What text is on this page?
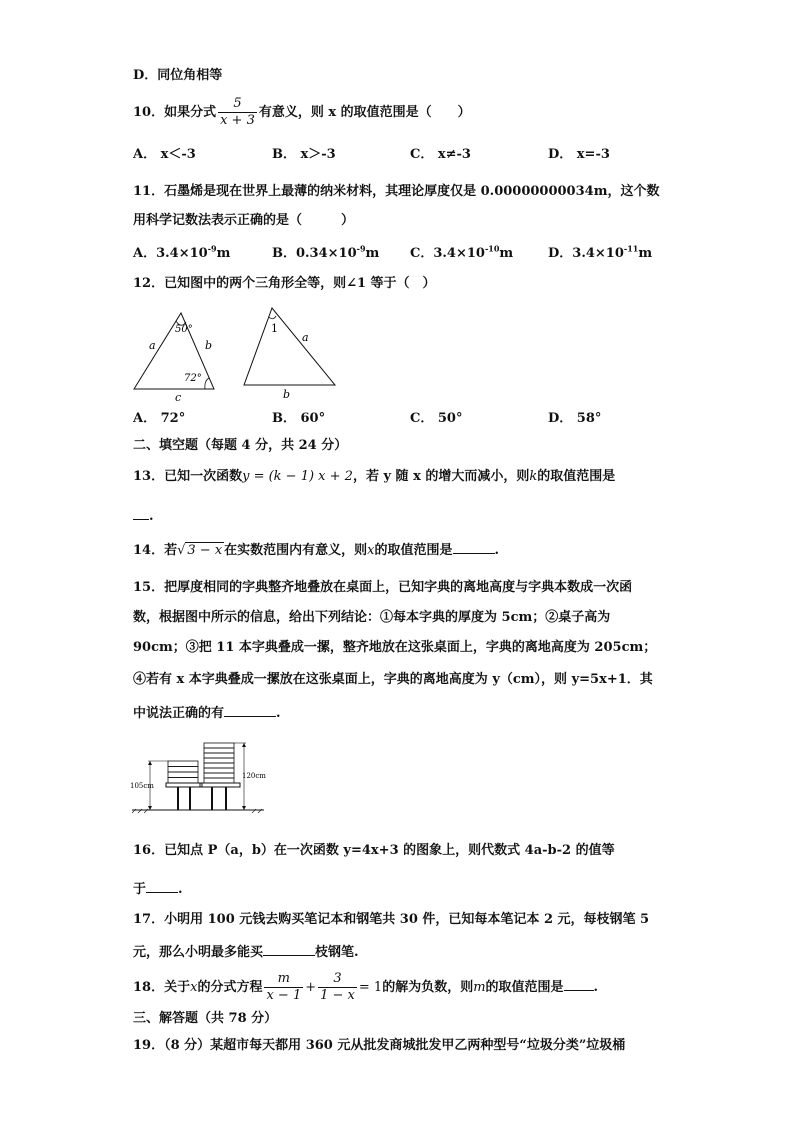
D．同位角相等
10．如果分式 $\frac{5}{x + 3}$ 有意义，则 x 的取值范围是（　　）
A． x＜-3	B． x＞-3	C． x≠-3	D． x=-3
11．石墨烯是现在世界上最薄的纳米材料，其理论厚度仅是 0.00000000034m，这个数
用科学记数法表示正确的是（　　　）
A．$3.4\times 10^{-9}m$	B．$0.34\times 10^{-9}m$ C．$3.4\times 10^{-10}m$	D．$3.4\times 10^{-11}m$
12．已知图中的两个三角形全等，则∠1 等于（　）
50°
72°
a	b
c
1
a
b
A． 72°	B． 60°	C． 50°	D． 58°
二、填空题（每题 4 分，共 24 分）
13．已知一次函数y = (k − 1) x + 2，若 y 随 x 的增大而减小，则k的取值范围是
.
14．若√ 3 − x 在实数范围内有意义，则x的取值范围是	.
15．把厚度相同的字典整齐地叠放在桌面上，已知字典的离地高度与字典本数成一次函
数，根据图中所示的信息，给出下列结论：①每本字典的厚度为 5cm；②桌子高为
90cm；③把 11 本字典叠成一摞，整齐地放在这张桌面上，字典的离地高度为 205cm；
④若有 x 本字典叠成一摞放在这张桌面上，字典的离地高度为 y（cm），则 y=5x+1．其
中说法正确的有	.
105cm
120cm
16．已知点 P（a，b）在一次函数 y=4x+3 的图象上，则代数式 4a-b-2 的值等
于 .
17．小明用 100 元钱去购买笔记本和钢笔共 30 件，已知每本笔记本 2 元，每枝钢笔 5
元，那么小明最多能买	枝钢笔.
18．关于x的分式方程 $\frac{m}{x - 1} + \frac{3}{1 - x} = 1$的解为负数，则m的取值范围是 .
三、解答题（共 78 分）
19．（8 分）某超市每天都用 360 元从批发商城批发甲乙两种型号“垃圾分类”垃圾桶
